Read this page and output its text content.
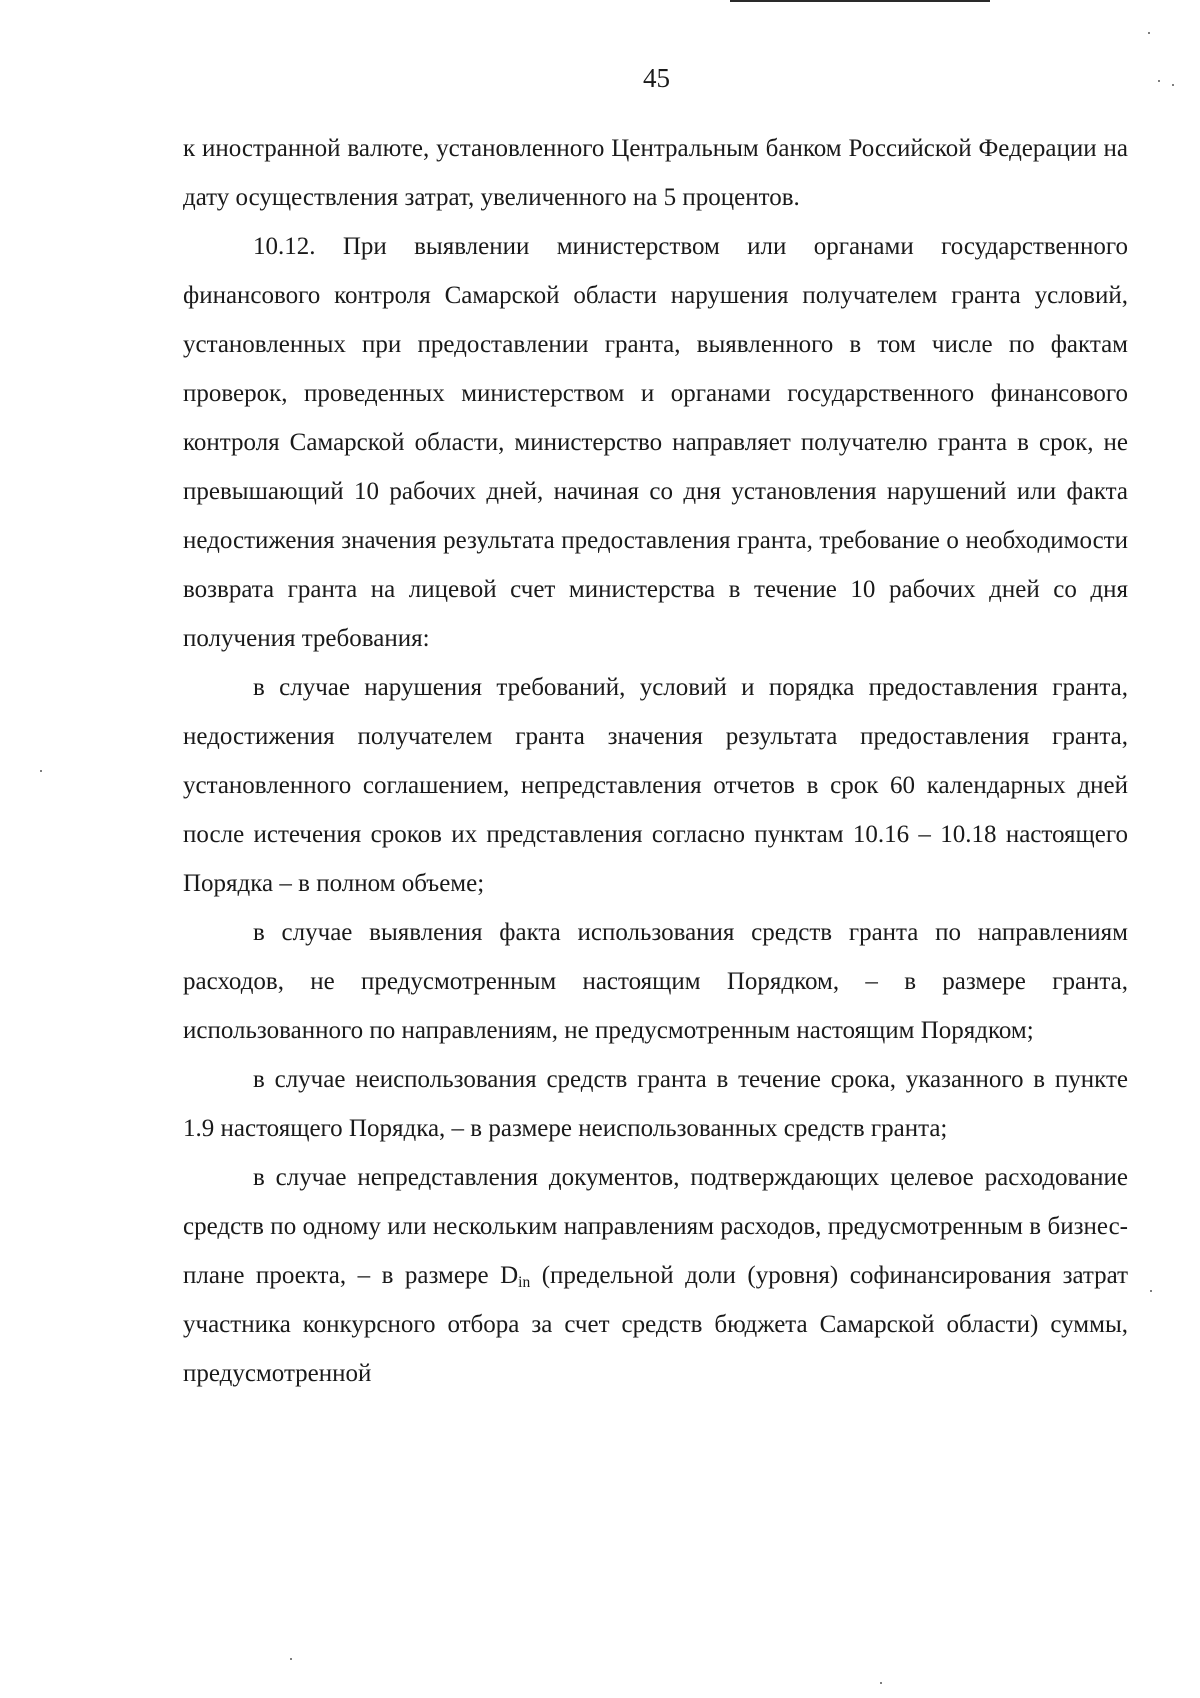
45

к иностранной валюте, установленного Центральным банком Российской Федерации на дату осуществления затрат, увеличенного на 5 процентов.

10.12. При выявлении министерством или органами государственного финансового контроля Самарской области нарушения получателем гранта условий, установленных при предоставлении гранта, выявленного в том числе по фактам проверок, проведенных министерством и органами государственного финансового контроля Самарской области, министерство направляет получателю гранта в срок, не превышающий 10 рабочих дней, начиная со дня установления нарушений или факта недостижения значения результата предоставления гранта, требование о необходимости возврата гранта на лицевой счет министерства в течение 10 рабочих дней со дня получения требования:

в случае нарушения требований, условий и порядка предоставления гранта, недостижения получателем гранта значения результата предоставления гранта, установленного соглашением, непредставления отчетов в срок 60 календарных дней после истечения сроков их представления согласно пунктам 10.16 – 10.18 настоящего Порядка – в полном объеме;

в случае выявления факта использования средств гранта по направлениям расходов, не предусмотренным настоящим Порядком, – в размере гранта, использованного по направлениям, не предусмотренным настоящим Порядком;

в случае неиспользования средств гранта в течение срока, указанного в пункте 1.9 настоящего Порядка, – в размере неиспользованных средств гранта;

в случае непредставления документов, подтверждающих целевое расходование средств по одному или нескольким направлениям расходов, предусмотренным в бизнес-плане проекта, – в размере $D_{in}$ (предельной доли (уровня) софинансирования затрат участника конкурсного отбора за счет средств бюджета Самарской области) суммы, предусмотренной
